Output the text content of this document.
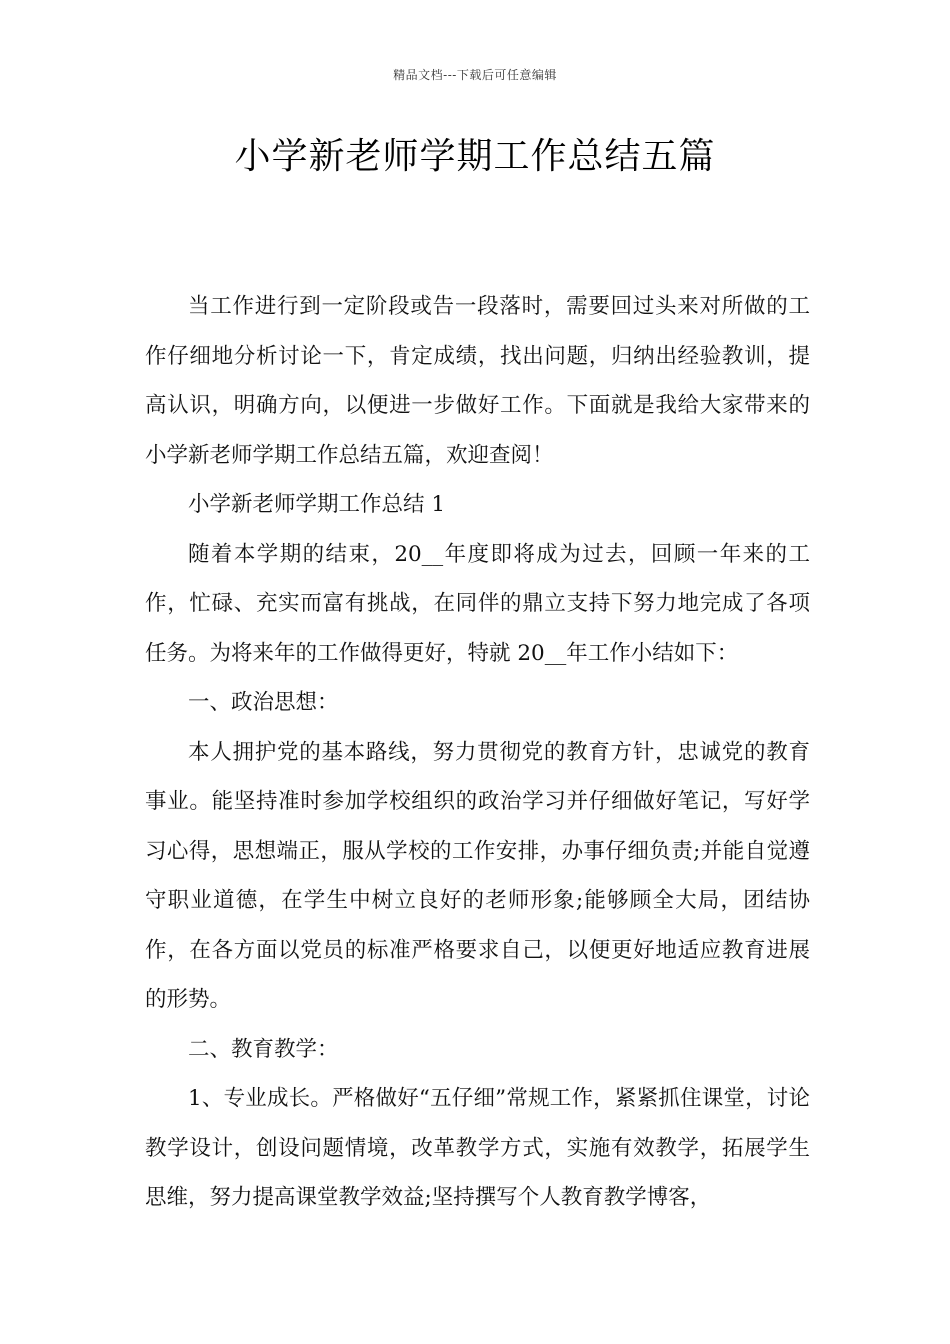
精品文档---下载后可任意编辑
小学新老师学期工作总结五篇

当工作进行到一定阶段或告一段落时，需要回过头来对所做的工作仔细地分析讨论一下，肯定成绩，找出问题，归纳出经验教训，提高认识，明确方向，以便进一步做好工作。下面就是我给大家带来的小学新老师学期工作总结五篇，欢迎查阅！

小学新老师学期工作总结 1

随着本学期的结束，20__年度即将成为过去，回顾一年来的工作，忙碌、充实而富有挑战，在同伴的鼎立支持下努力地完成了各项任务。为将来年的工作做得更好，特就 20__年工作小结如下：

一、政治思想：

本人拥护党的基本路线，努力贯彻党的教育方针，忠诚党的教育事业。能坚持准时参加学校组织的政治学习并仔细做好笔记，写好学习心得，思想端正，服从学校的工作安排，办事仔细负责;并能自觉遵守职业道德，在学生中树立良好的老师形象;能够顾全大局，团结协作，在各方面以党员的标准严格要求自己，以便更好地适应教育进展的形势。

二、教育教学：

1、专业成长。严格做好“五仔细”常规工作，紧紧抓住课堂，讨论教学设计，创设问题情境，改革教学方式，实施有效教学，拓展学生思维，努力提高课堂教学效益;坚持撰写个人教育教学博客，
